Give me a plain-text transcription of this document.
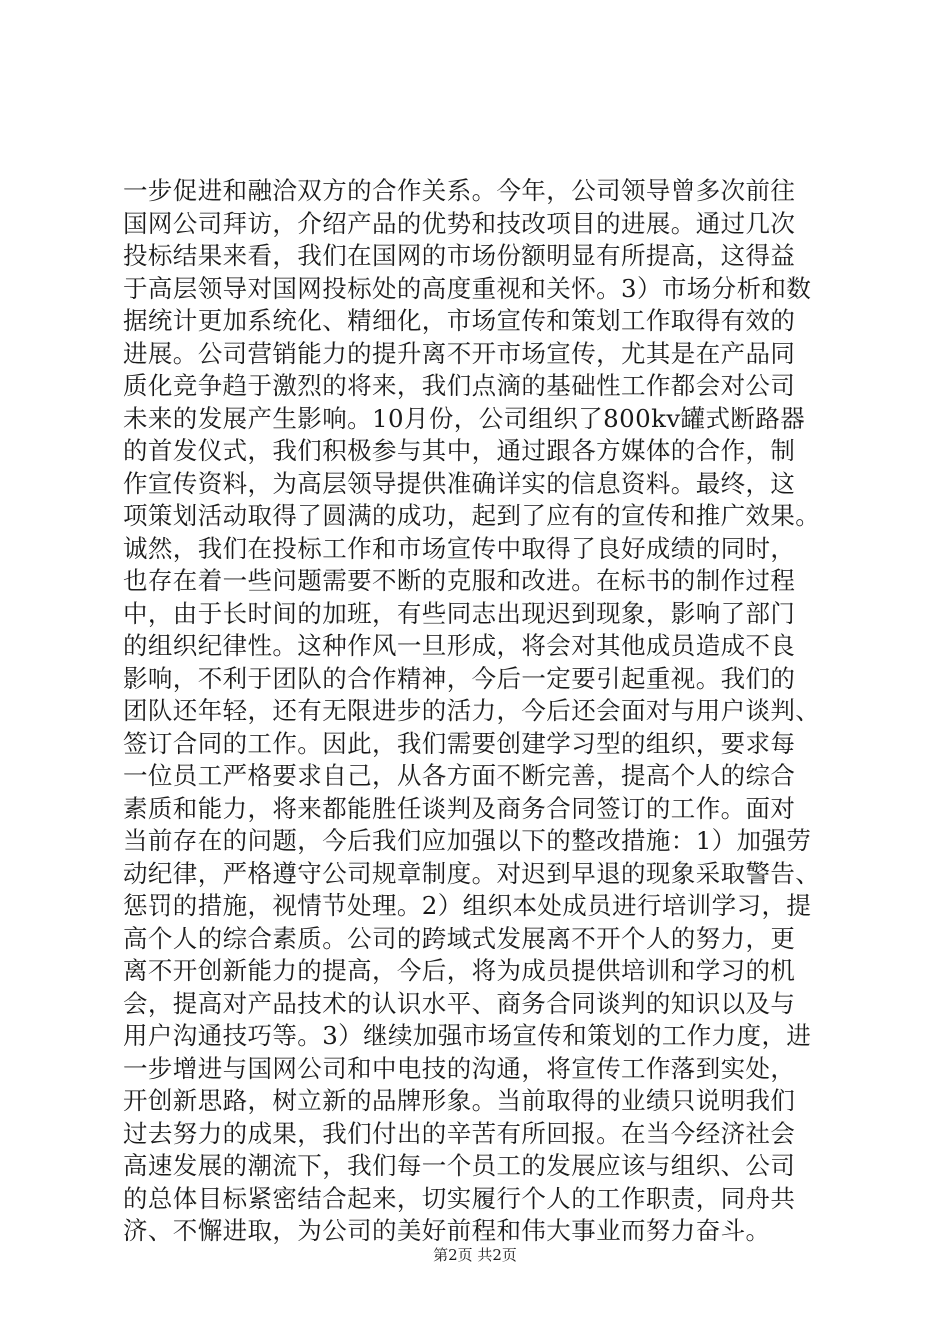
一步促进和融洽双方的合作关系。今年，公司领导曾多次前往
国网公司拜访，介绍产品的优势和技改项目的进展。通过几次
投标结果来看，我们在国网的市场份额明显有所提高，这得益
于高层领导对国网投标处的高度重视和关怀。3）市场分析和数
据统计更加系统化、精细化，市场宣传和策划工作取得有效的
进展。公司营销能力的提升离不开市场宣传，尤其是在产品同
质化竞争趋于激烈的将来，我们点滴的基础性工作都会对公司
未来的发展产生影响。10月份，公司组织了800kv罐式断路器
的首发仪式，我们积极参与其中，通过跟各方媒体的合作，制
作宣传资料，为高层领导提供准确详实的信息资料。最终，这
项策划活动取得了圆满的成功，起到了应有的宣传和推广效果。
诚然，我们在投标工作和市场宣传中取得了良好成绩的同时，
也存在着一些问题需要不断的克服和改进。在标书的制作过程
中，由于长时间的加班，有些同志出现迟到现象，影响了部门
的组织纪律性。这种作风一旦形成，将会对其他成员造成不良
影响，不利于团队的合作精神，今后一定要引起重视。我们的
团队还年轻，还有无限进步的活力，今后还会面对与用户谈判、
签订合同的工作。因此，我们需要创建学习型的组织，要求每
一位员工严格要求自己，从各方面不断完善，提高个人的综合
素质和能力，将来都能胜任谈判及商务合同签订的工作。面对
当前存在的问题，今后我们应加强以下的整改措施：1）加强劳
动纪律，严格遵守公司规章制度。对迟到早退的现象采取警告、
惩罚的措施，视情节处理。2）组织本处成员进行培训学习，提
高个人的综合素质。公司的跨域式发展离不开个人的努力，更
离不开创新能力的提高，今后，将为成员提供培训和学习的机
会，提高对产品技术的认识水平、商务合同谈判的知识以及与
用户沟通技巧等。3）继续加强市场宣传和策划的工作力度，进
一步增进与国网公司和中电技的沟通，将宣传工作落到实处，
开创新思路，树立新的品牌形象。当前取得的业绩只说明我们
过去努力的成果，我们付出的辛苦有所回报。在当今经济社会
高速发展的潮流下，我们每一个员工的发展应该与组织、公司
的总体目标紧密结合起来，切实履行个人的工作职责，同舟共
济、不懈进取，为公司的美好前程和伟大事业而努力奋斗。
第2页 共2页
